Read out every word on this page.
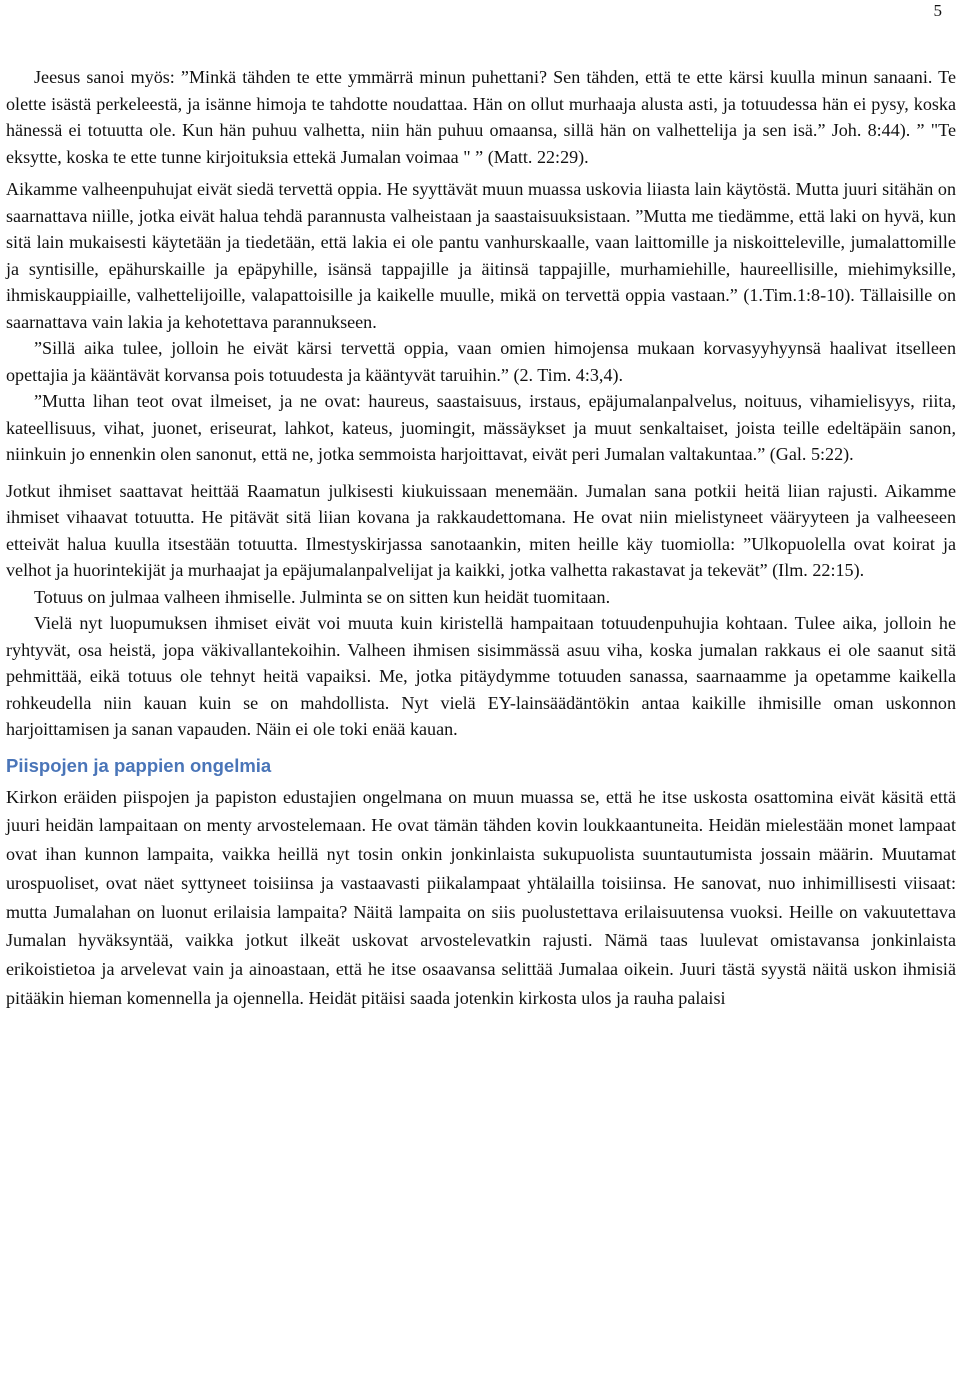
5

Jeesus sanoi myös: ”Minkä tähden te ette ymmärrä minun puhettani? Sen tähden, että te ette kärsi kuulla minun sanaani. Te olette isästä perkeleestä, ja isänne himoja te tahdotte noudattaa. Hän on ollut murhaaja alusta asti, ja totuudessa hän ei pysy, koska hänessä ei totuutta ole. Kun hän puhuu valhetta, niin hän puhuu omaansa, sillä hän on valhettelija ja sen isä.” Joh. 8:44). ” "Te eksytte, koska te ette tunne kirjoituksia ettekä Jumalan voimaa " ” (Matt. 22:29).

Aikamme valheenpuhujat eivät siedä tervettä oppia. He syyttävät muun muassa uskovia liiasta lain käytöstä. Mutta juuri sitähän on saarnattava niille, jotka eivät halua tehdä parannusta valheistaan ja saastaisuuksistaan. ”Mutta me tiedämme, että laki on hyvä, kun sitä lain mukaisesti käytetään ja tiedetään, että lakia ei ole pantu vanhurskaalle, vaan laittomille ja niskoitteleville, jumalattomille ja syntisille, epähurskaille ja epäpyhille, isänsä tappajille ja äitinsä tappajille, murhamiehille, haureellisille, miehimyksille, ihmiskauppiaille, valhettelijoille, valapattoisille ja kaikelle muulle, mikä on tervettä oppia vastaan.” (1.Tim.1:8-10). Tällaisille on saarnattava vain lakia ja kehotettava parannukseen.

”Sillä aika tulee, jolloin he eivät kärsi tervettä oppia, vaan omien himojensa mukaan korvasyyhyynsä haalivat itselleen opettajia ja kääntävät korvansa pois totuudesta ja kääntyvät taruihin.” (2. Tim. 4:3,4).

”Mutta lihan teot ovat ilmeiset, ja ne ovat: haureus, saastaisuus, irstaus, epäjumalanpalvelus, noituus, vihamielisyys, riita, kateellisuus, vihat, juonet, eriseurat, lahkot, kateus, juomingit, mässäykset ja muut senkaltaiset, joista teille edeltäpäin sanon, niinkuin jo ennenkin olen sanonut, että ne, jotka semmoista harjoittavat, eivät peri Jumalan valtakuntaa.” (Gal. 5:22).

Jotkut ihmiset saattavat heittää Raamatun julkisesti kiukuissaan menemään. Jumalan sana potkii heitä liian rajusti. Aikamme ihmiset vihaavat totuutta. He pitävät sitä liian kovana ja rakkaudettomana. He ovat niin mielistyneet vääryyteen ja valheeseen etteivät halua kuulla itsestään totuutta. Ilmestyskirjassa sanotaankin, miten heille käy tuomiolla: ”Ulkopuolella ovat koirat ja velhot ja huorintekijät ja murhaajat ja epäjumalanpalvelijat ja kaikki, jotka valhetta rakastavat ja tekevät” (Ilm. 22:15).

Totuus on julmaa valheen ihmiselle. Julminta se on sitten kun heidät tuomitaan.

Vielä nyt luopumuksen ihmiset eivät voi muuta kuin kiristellä hampaitaan totuudenpuhujia kohtaan. Tulee aika, jolloin he ryhtyvät, osa heistä, jopa väkivallantekoihin. Valheen ihmisen sisimmässä asuu viha, koska jumalan rakkaus ei ole saanut sitä pehmittää, eikä totuus ole tehnyt heitä vapaiksi. Me, jotka pitäydymme totuuden sanassa, saarnaamme ja opetamme kaikella rohkeudella niin kauan kuin se on mahdollista. Nyt vielä EY-lainsäädäntökin antaa kaikille ihmisille oman uskonnon harjoittamisen ja sanan vapauden. Näin ei ole toki enää kauan.

Piispojen ja pappien ongelmia

Kirkon eräiden piispojen ja papiston edustajien ongelmana on muun muassa se, että he itse uskosta osattomina eivät käsitä että juuri heidän lampaitaan on menty arvostelemaan. He ovat tämän tähden kovin loukkaantuneita. Heidän mielestään monet lampaat ovat ihan kunnon lampaita, vaikka heillä nyt tosin onkin jonkinlaista sukupuolista suuntautumista jossain määrin. Muutamat urospuoliset, ovat näet syttyneet toisiinsa ja vastaavasti piikalampaat yhtälailla toisiinsa. He sanovat, nuo inhimillisesti viisaat: mutta Jumalahan on luonut erilaisia lampaita? Näitä lampaita on siis puolustettava erilaisuutensa vuoksi. Heille on vakuutettava Jumalan hyväksyntää, vaikka jotkut ilkeät uskovat arvostelevatkin rajusti. Nämä taas luulevat omistavansa jonkinlaista erikoistietoa ja arvelevat vain ja ainoastaan, että he itse osaavansa selittää Jumalaa oikein. Juuri tästä syystä näitä uskon ihmisiä pitääkin hieman komennella ja ojennella. Heidät pitäisi saada jotenkin kirkosta ulos ja rauha palaisi
